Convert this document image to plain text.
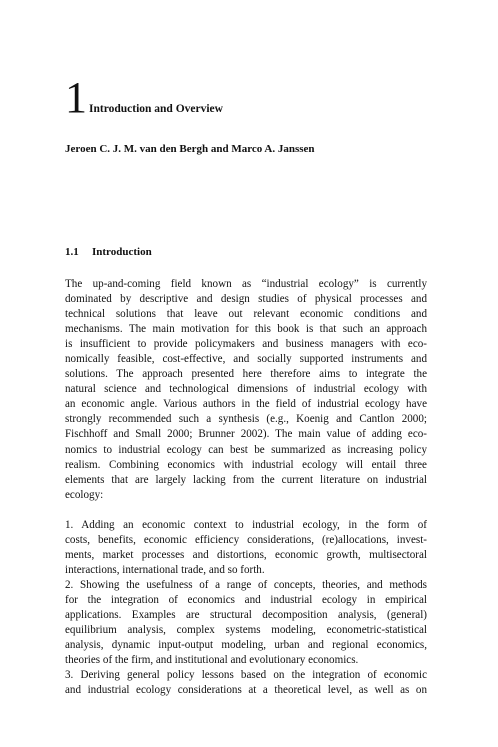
1 Introduction and Overview
Jeroen C. J. M. van den Bergh and Marco A. Janssen
1.1 Introduction
The up-and-coming field known as “industrial ecology” is currently
dominated by descriptive and design studies of physical processes and
technical solutions that leave out relevant economic conditions and
mechanisms. The main motivation for this book is that such an approach
is insufficient to provide policymakers and business managers with eco-
nomically feasible, cost-effective, and socially supported instruments and
solutions. The approach presented here therefore aims to integrate the
natural science and technological dimensions of industrial ecology with
an economic angle. Various authors in the field of industrial ecology have
strongly recommended such a synthesis (e.g., Koenig and Cantlon 2000;
Fischhoff and Small 2000; Brunner 2002). The main value of adding eco-
nomics to industrial ecology can best be summarized as increasing policy
realism. Combining economics with industrial ecology will entail three
elements that are largely lacking from the current literature on industrial
ecology:
1. Adding an economic context to industrial ecology, in the form of
costs, benefits, economic efficiency considerations, (re)allocations, invest-
ments, market processes and distortions, economic growth, multisectoral
interactions, international trade, and so forth.
2. Showing the usefulness of a range of concepts, theories, and methods
for the integration of economics and industrial ecology in empirical
applications. Examples are structural decomposition analysis, (general)
equilibrium analysis, complex systems modeling, econometric-statistical
analysis, dynamic input-output modeling, urban and regional economics,
theories of the firm, and institutional and evolutionary economics.
3. Deriving general policy lessons based on the integration of economic
and industrial ecology considerations at a theoretical level, as well as on
